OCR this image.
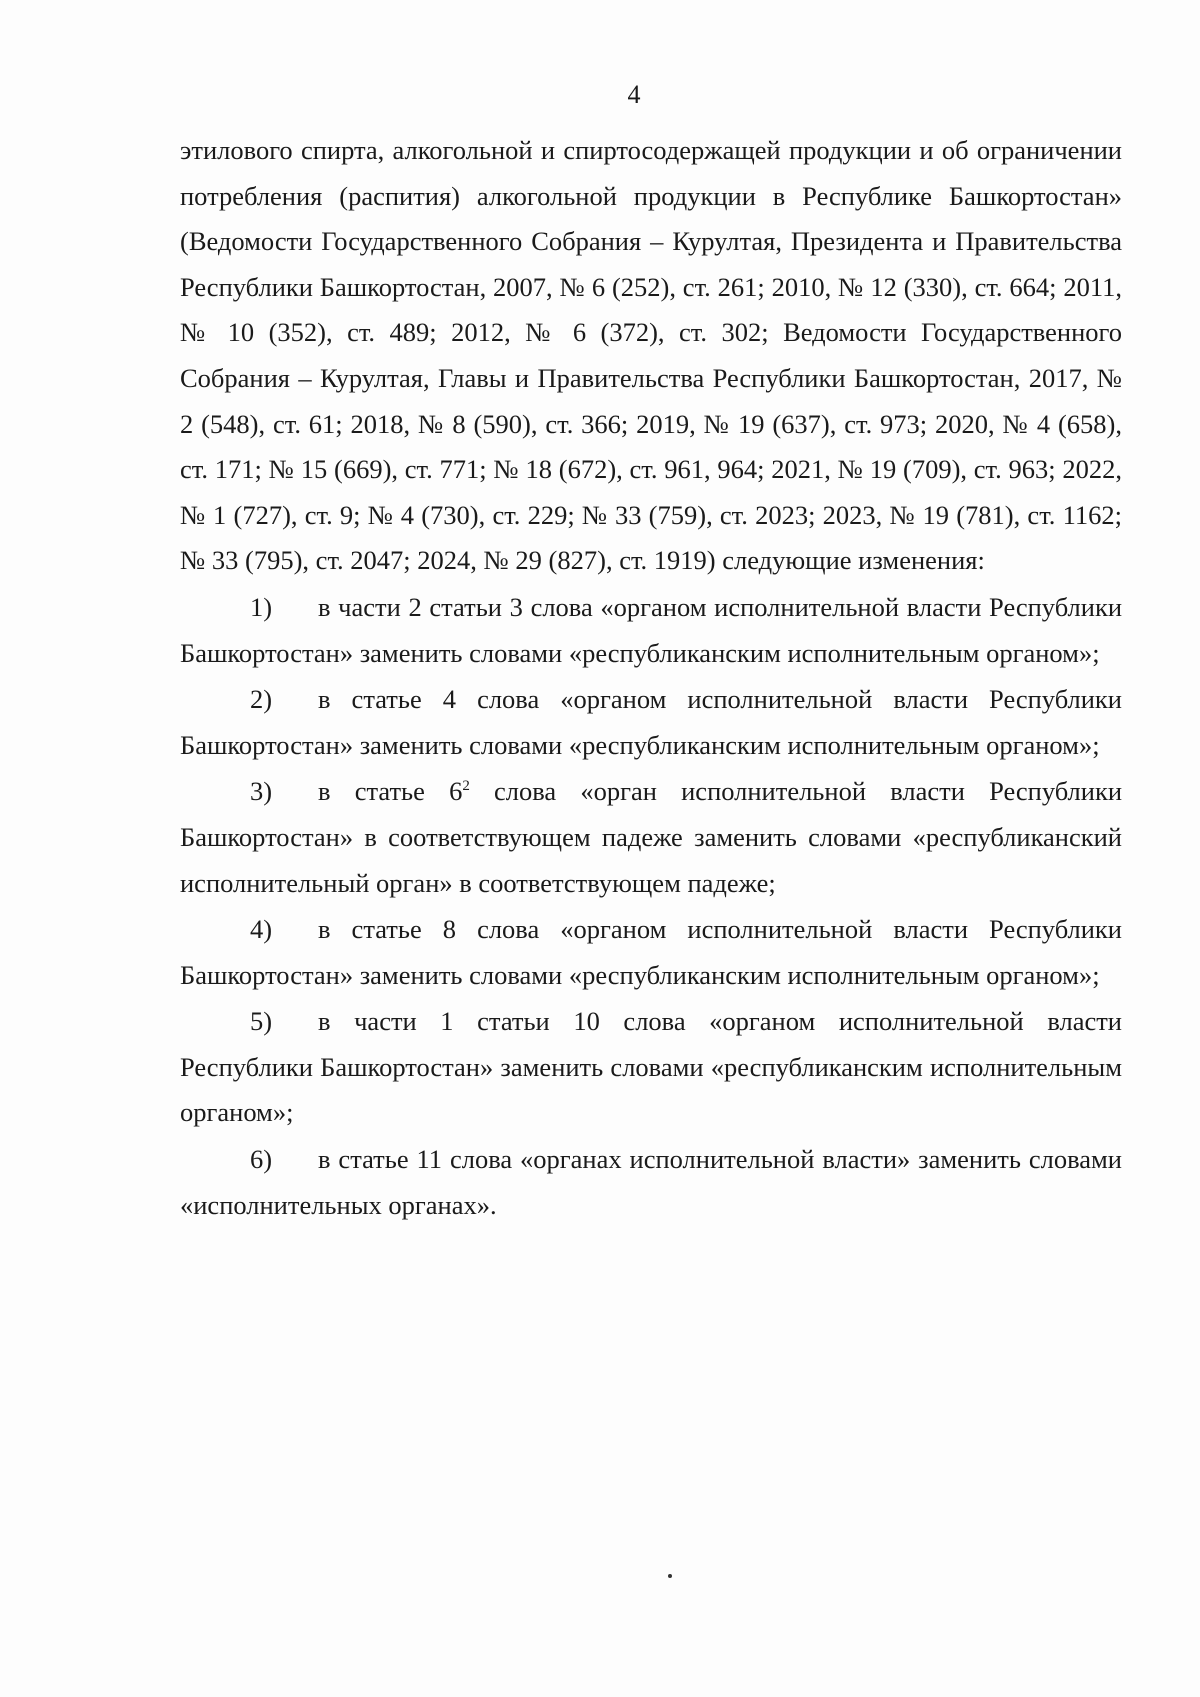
4

этилового спирта, алкогольной и спиртосодержащей продукции и об ограничении потребления (распития) алкогольной продукции в Республике Башкортостан» (Ведомости Государственного Собрания – Курултая, Президента и Правительства Республики Башкортостан, 2007, № 6 (252), ст. 261; 2010, № 12 (330), ст. 664; 2011, № 10 (352), ст. 489; 2012, № 6 (372), ст. 302; Ведомости Государственного Собрания – Курултая, Главы и Правительства Республики Башкортостан, 2017, № 2 (548), ст. 61; 2018, № 8 (590), ст. 366; 2019, № 19 (637), ст. 973; 2020, № 4 (658), ст. 171; № 15 (669), ст. 771; № 18 (672), ст. 961, 964; 2021, № 19 (709), ст. 963; 2022, № 1 (727), ст. 9; № 4 (730), ст. 229; № 33 (759), ст. 2023; 2023, № 19 (781), ст. 1162; № 33 (795), ст. 2047; 2024, № 29 (827), ст. 1919) следующие изменения:

1) в части 2 статьи 3 слова «органом исполнительной власти Республики Башкортостан» заменить словами «республиканским исполнительным органом»;

2) в статье 4 слова «органом исполнительной власти Республики Башкортостан» заменить словами «республиканским исполнительным органом»;

3) в статье $6^2$ слова «орган исполнительной власти Республики Башкортостан» в соответствующем падеже заменить словами «республиканский исполнительный орган» в соответствующем падеже;

4) в статье 8 слова «органом исполнительной власти Республики Башкортостан» заменить словами «республиканским исполнительным органом»;

5) в части 1 статьи 10 слова «органом исполнительной власти Республики Башкортостан» заменить словами «республиканским исполнительным органом»;

6) в статье 11 слова «органах исполнительной власти» заменить словами «исполнительных органах».
